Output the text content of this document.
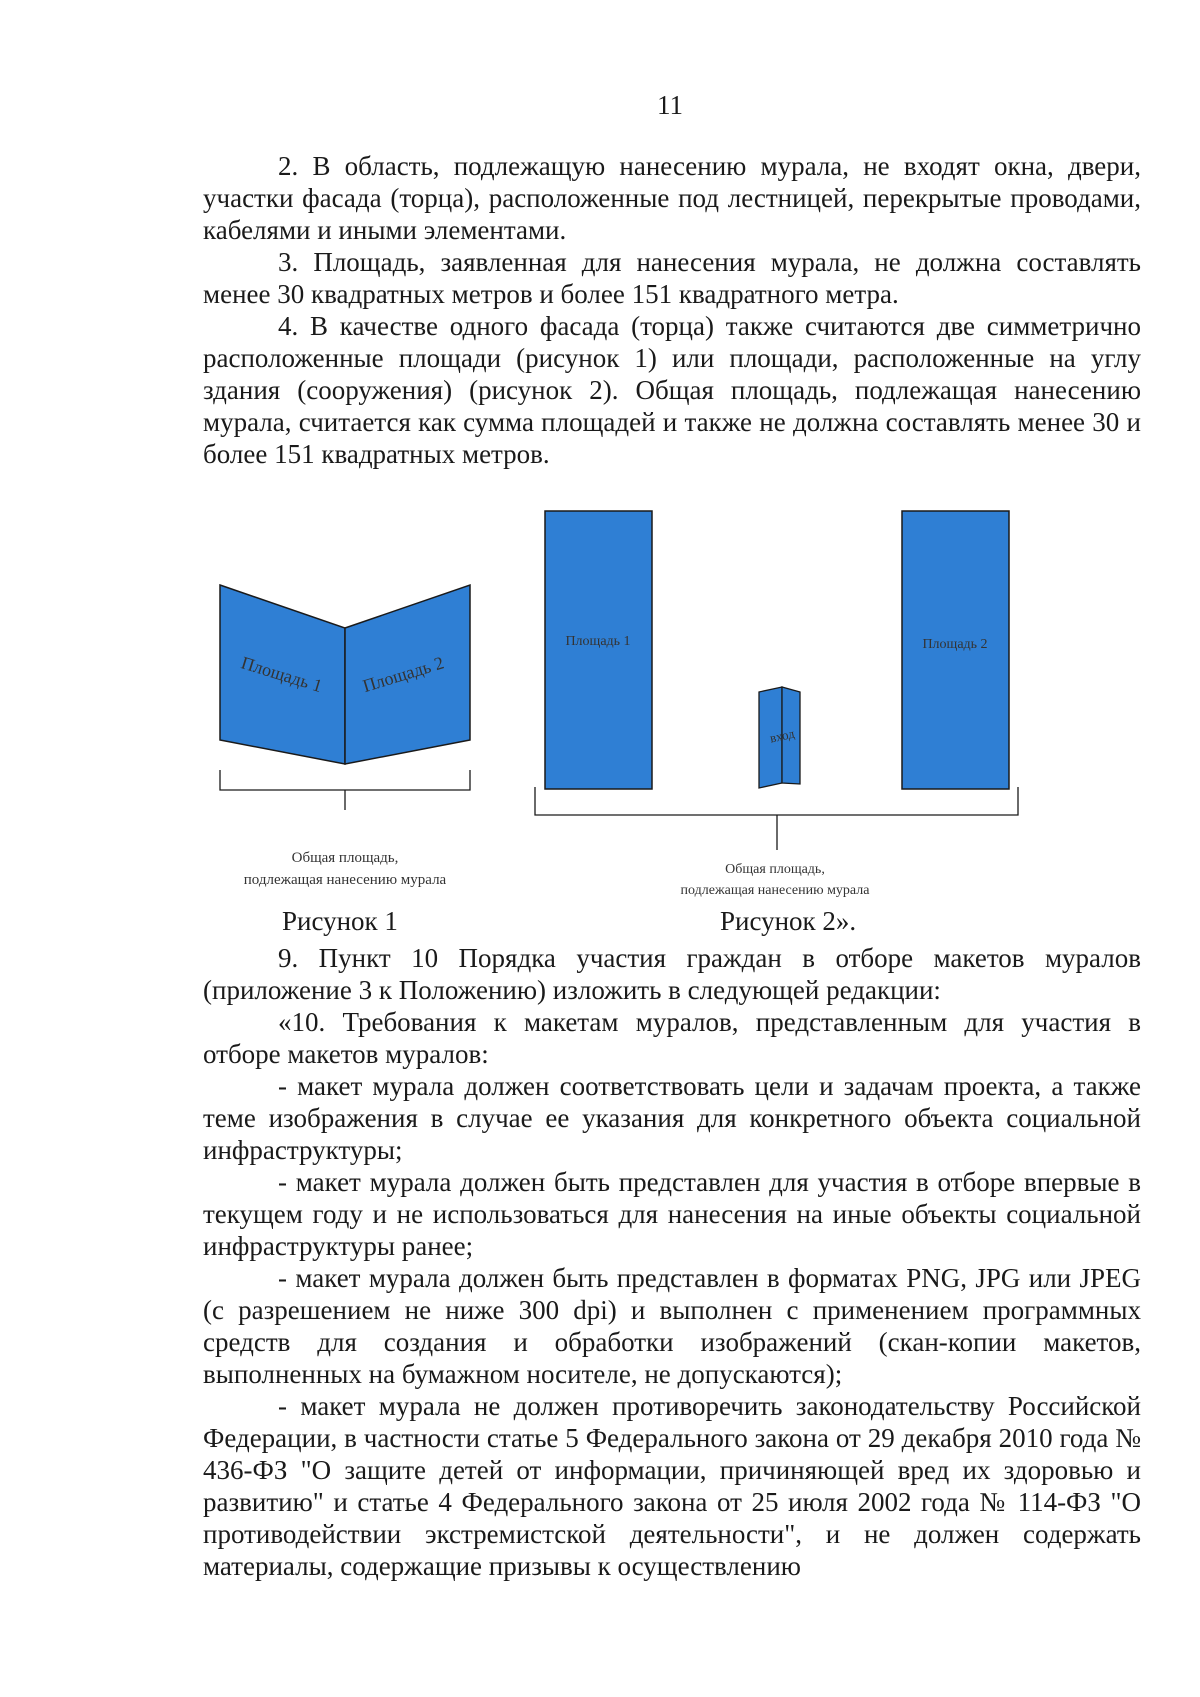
11

2. В область, подлежащую нанесению мурала, не входят окна, двери, участки фасада (торца), расположенные под лестницей, перекрытые проводами, кабелями и иными элементами.

3. Площадь, заявленная для нанесения мурала, не должна составлять менее 30 квадратных метров и более 151 квадратного метра.

4. В качестве одного фасада (торца) также считаются две симметрично расположенные площади (рисунок 1) или площади, расположенные на углу здания (сооружения) (рисунок 2). Общая площадь, подлежащая нанесению мурала, считается как сумма площадей и также не должна составлять менее 30 и более 151 квадратных метров.

Площадь 1 Площадь 2
Общая площадь,
подлежащая нанесению мурала
Рисунок 1
Площадь 1	Площадь 2
вход
Общая площадь,
подлежащая нанесению мурала
Рисунок 2».

9. Пункт 10 Порядка участия граждан в отборе макетов муралов (приложение 3 к Положению) изложить в следующей редакции:

«10. Требования к макетам муралов, представленным для участия в отборе макетов муралов:

- макет мурала должен соответствовать цели и задачам проекта, а также теме изображения в случае ее указания для конкретного объекта социальной инфраструктуры;

- макет мурала должен быть представлен для участия в отборе впервые в текущем году и не использоваться для нанесения на иные объекты социальной инфраструктуры ранее;

- макет мурала должен быть представлен в форматах PNG, JPG или JPEG (с разрешением не ниже 300 dpi) и выполнен с применением программных средств для создания и обработки изображений (скан-копии макетов, выполненных на бумажном носителе, не допускаются);

- макет мурала не должен противоречить законодательству Российской Федерации, в частности статье 5 Федерального закона от 29 декабря 2010 года № 436-ФЗ "О защите детей от информации, причиняющей вред их здоровью и развитию" и статье 4 Федерального закона от 25 июля 2002 года № 114-ФЗ "О противодействии экстремистской деятельности", и не должен содержать материалы, содержащие призывы к осуществлению
